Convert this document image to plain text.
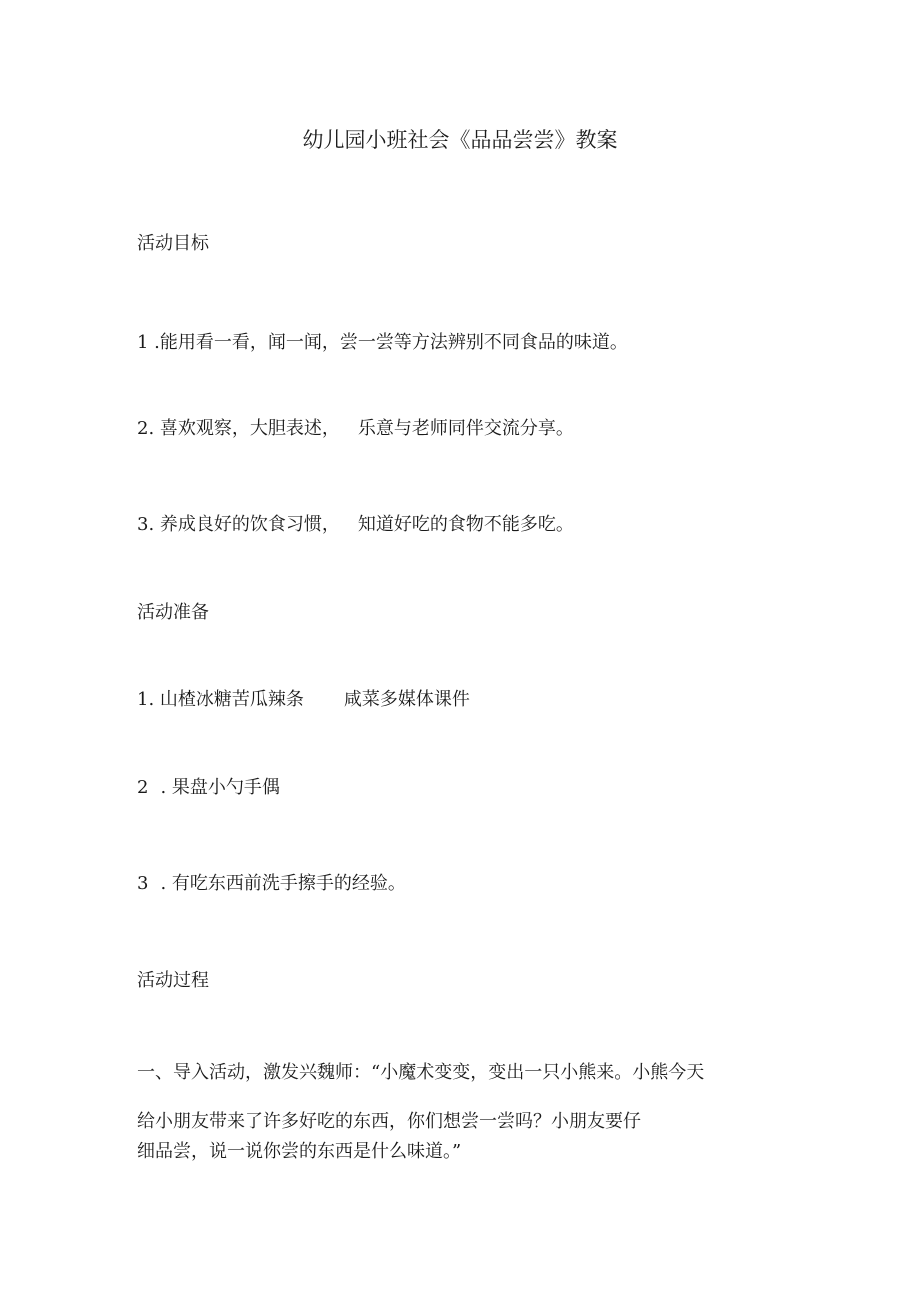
幼儿园小班社会《品品尝尝》教案
活动目标
1 .能用看一看，闻一闻，尝一尝等方法辨别不同食品的味道。
2. 喜欢观察，大胆表述， 乐意与老师同伴交流分享。
3. 养成良好的饮食习惯， 知道好吃的食物不能多吃。
活动准备
1. 山楂冰糖苦瓜辣条 咸菜多媒体课件
2 . 果盘小勺手偶
3 . 有吃东西前洗手擦手的经验。
活动过程
一、导入活动，激发兴魏师：“小魔术变变，变出一只小熊来。小熊今天
给小朋友带来了许多好吃的东西，你们想尝一尝吗？小朋友要仔
细品尝，说一说你尝的东西是什么味道。”
